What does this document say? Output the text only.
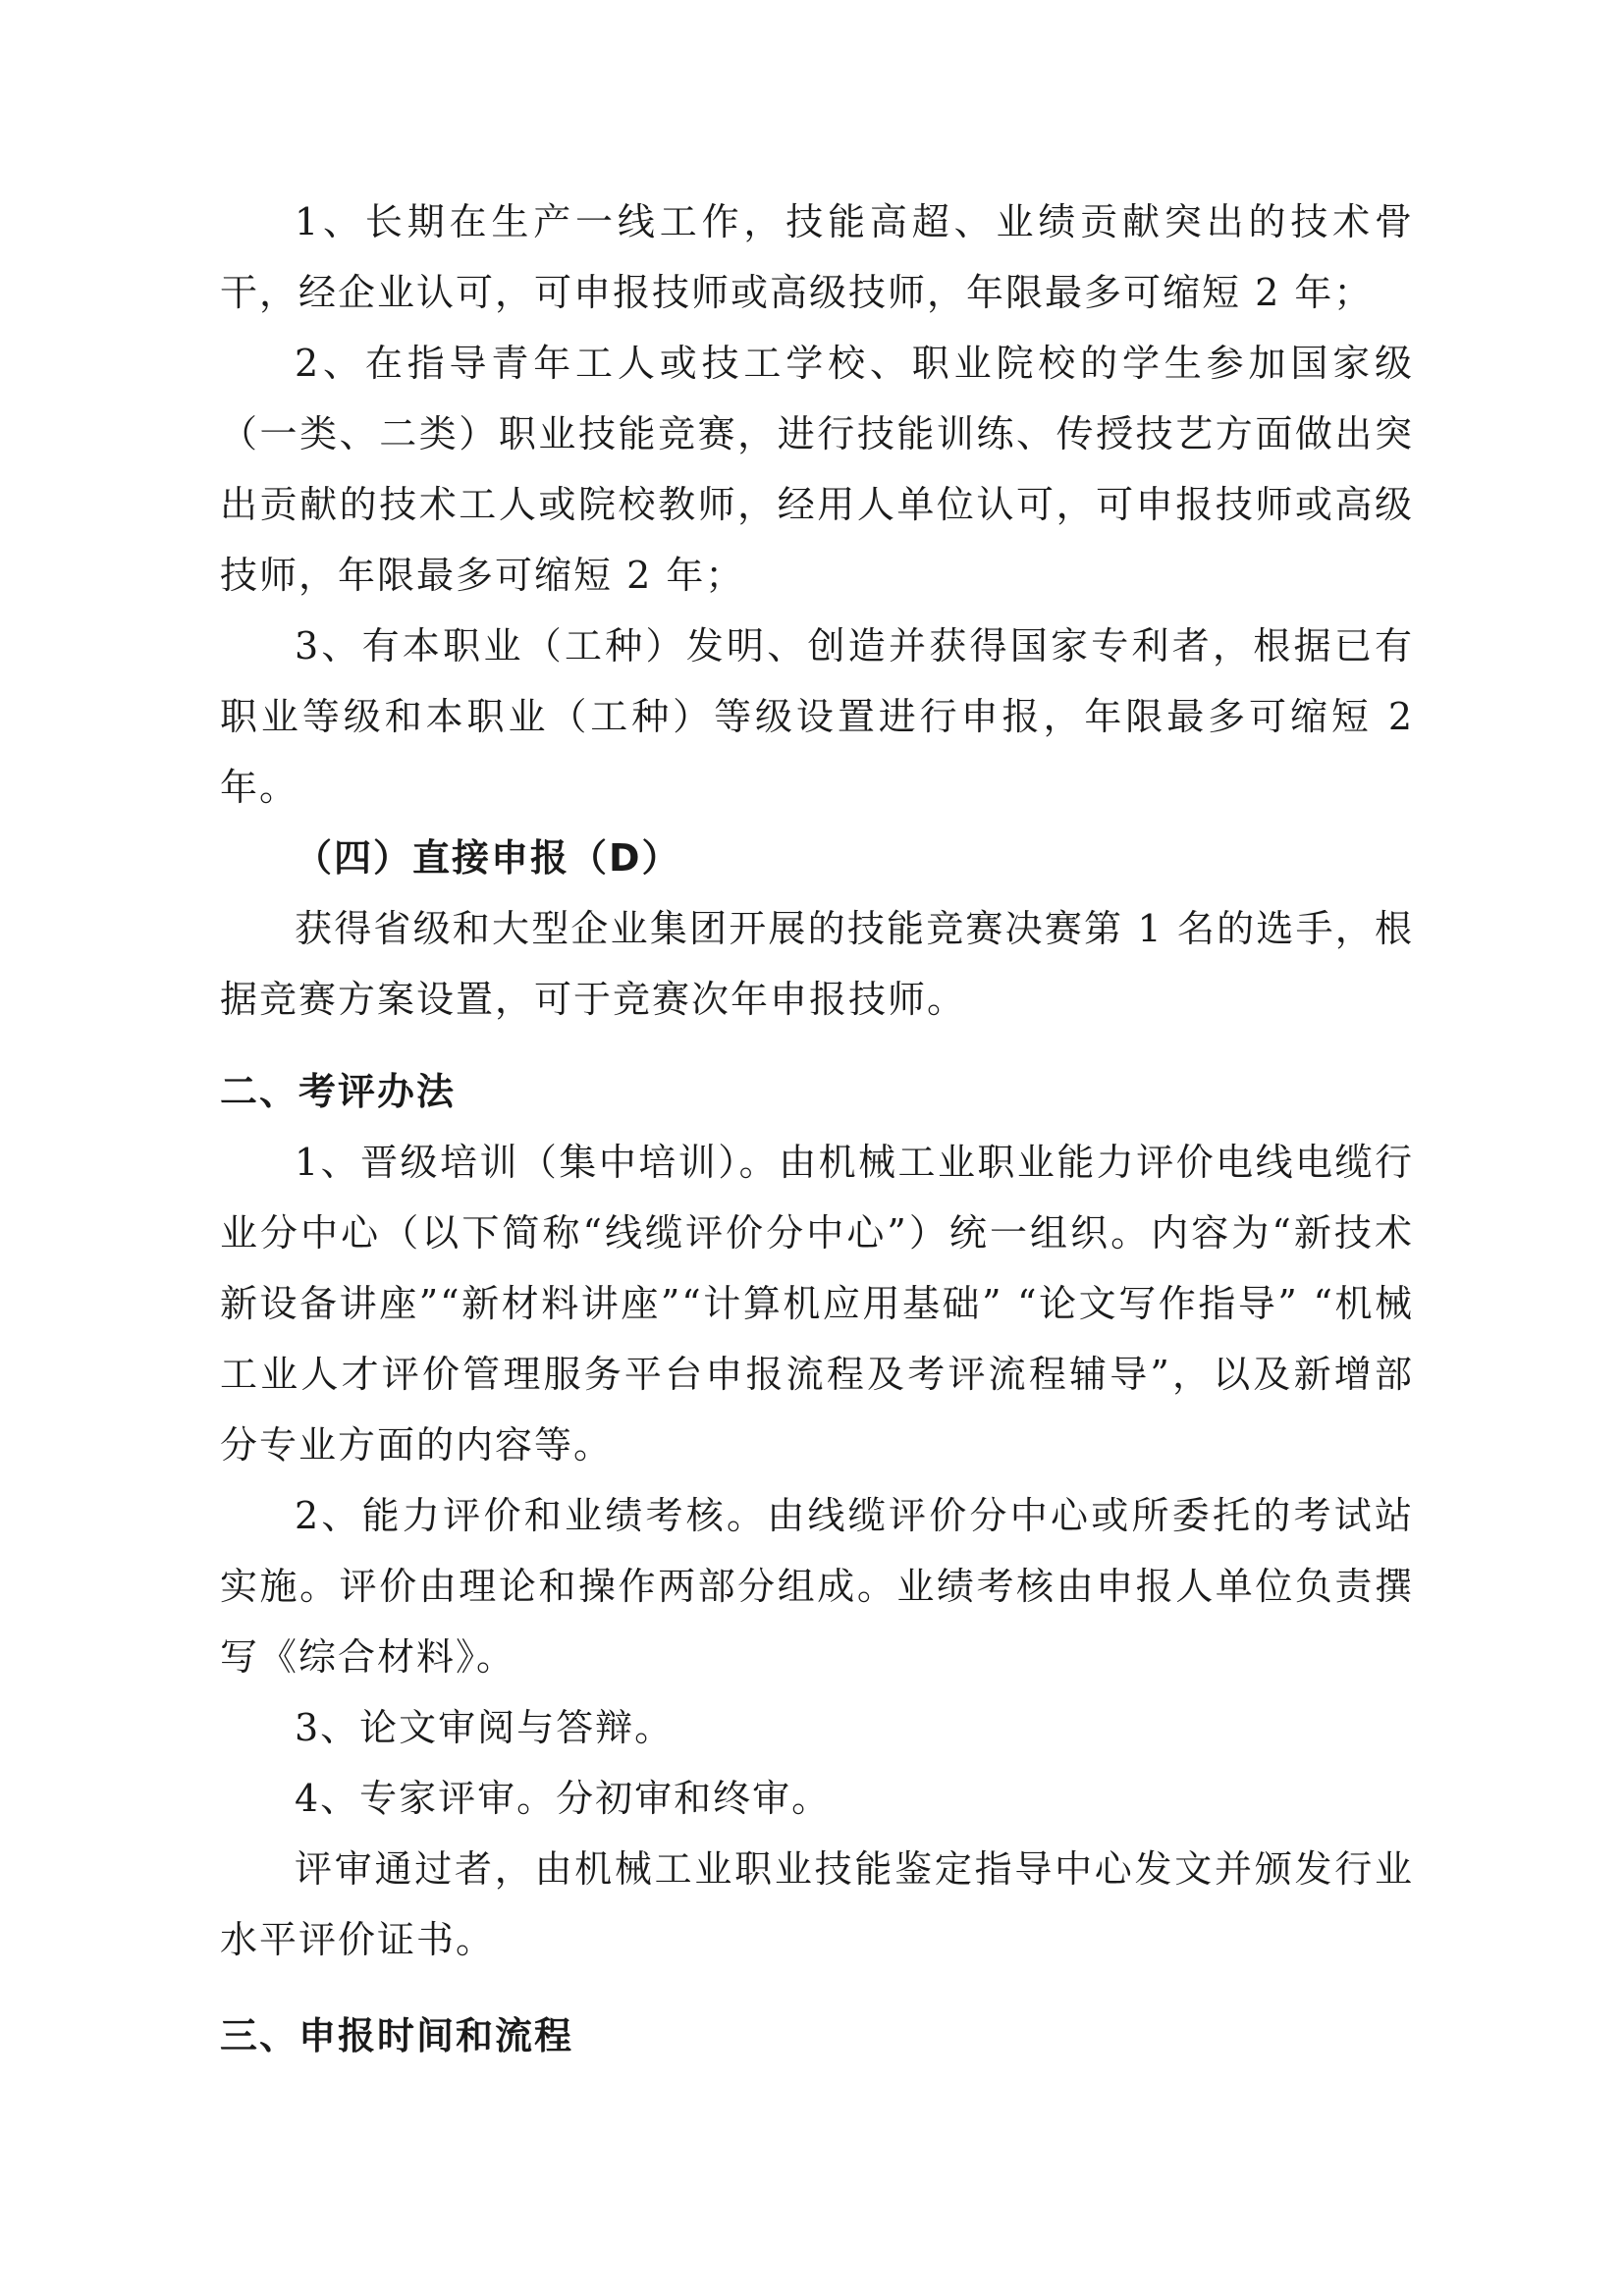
1、长期在生产一线工作，技能高超、业绩贡献突出的技术骨干，经企业认可，可申报技师或高级技师，年限最多可缩短 2 年；

2、在指导青年工人或技工学校、职业院校的学生参加国家级（一类、二类）职业技能竞赛，进行技能训练、传授技艺方面做出突出贡献的技术工人或院校教师，经用人单位认可，可申报技师或高级技师，年限最多可缩短 2 年；

3、有本职业（工种）发明、创造并获得国家专利者，根据已有职业等级和本职业（工种）等级设置进行申报，年限最多可缩短 2 年。

（四）直接申报（D）

获得省级和大型企业集团开展的技能竞赛决赛第 1 名的选手，根据竞赛方案设置，可于竞赛次年申报技师。

二、考评办法

1、晋级培训（集中培训）。由机械工业职业能力评价电线电缆行业分中心（以下简称“线缆评价分中心”）统一组织。内容为“新技术新设备讲座”“新材料讲座”“计算机应用基础” “论文写作指导” “机械工业人才评价管理服务平台申报流程及考评流程辅导”，以及新增部分专业方面的内容等。

2、能力评价和业绩考核。由线缆评价分中心或所委托的考试站实施。评价由理论和操作两部分组成。业绩考核由申报人单位负责撰写《综合材料》。

3、论文审阅与答辩。

4、专家评审。分初审和终审。

评审通过者，由机械工业职业技能鉴定指导中心发文并颁发行业水平评价证书。

三、申报时间和流程
